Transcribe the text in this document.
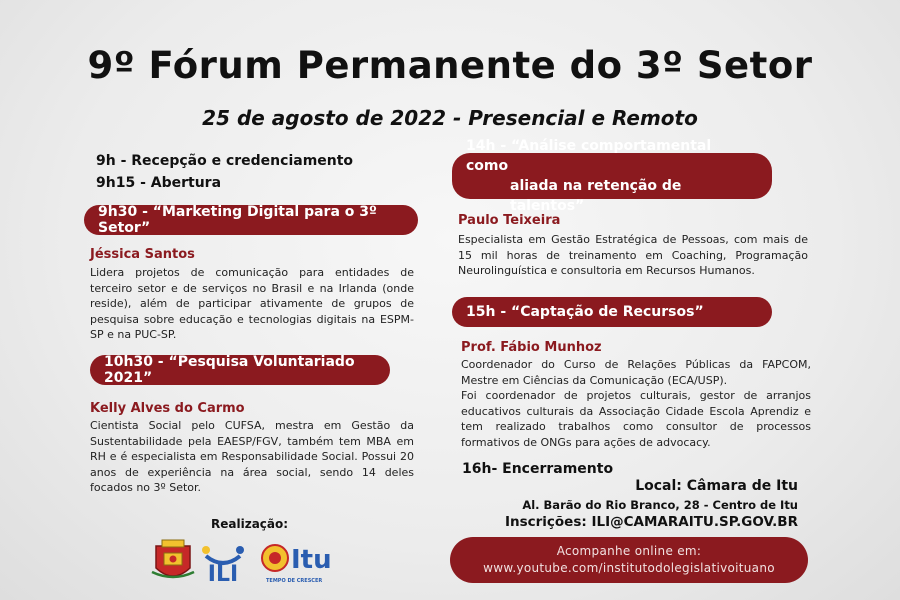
9º Fórum Permanente do 3º Setor
25 de agosto de 2022 - Presencial e Remoto
9h - Recepção e credenciamento
9h15 - Abertura
9h30 - “Marketing Digital para o 3º Setor”
Jéssica Santos
Lidera projetos de comunicação para entidades de terceiro setor e de serviços no Brasil e na Irlanda (onde reside), além de participar ativamente de grupos de pesquisa sobre educação e tecnologias digitais na ESPM-SP e na PUC-SP.
10h30 - “Pesquisa Voluntariado 2021”
Kelly Alves do Carmo
Cientista Social pelo CUFSA, mestra em Gestão da Sustentabilidade pela EAESP/FGV, também tem MBA em RH e é especialista em Responsabilidade Social. Possui 20 anos de experiência na área social, sendo 14 deles focados no 3º Setor.
14h - “Análise comportamental como
aliada na retenção de talentos”
Paulo Teixeira
Especialista em Gestão Estratégica de Pessoas, com mais de 15 mil horas de treinamento em Coaching, Programação Neurolinguística e consultoria em Recursos Humanos.
15h - “Captação de Recursos”
Prof. Fábio Munhoz

Coordenador do Curso de Relações Públicas da FAPCOM, Mestre em Ciências da Comunicação (ECA/USP).

Foi coordenador de projetos culturais, gestor de arranjos educativos culturais da Associação Cidade Escola Aprendiz e tem realizado trabalhos como consultor de processos formativos de ONGs para ações de advocacy.

16h- Encerramento
Local: Câmara de Itu
Al. Barão do Rio Branco, 28 - Centro de Itu
Inscrições: ILI@CAMARAITU.SP.GOV.BR
Acompanhe online em:
www.youtube.com/institutodolegislativoituano
Realização:
ILI Itu
TEMPO DE CRESCER
